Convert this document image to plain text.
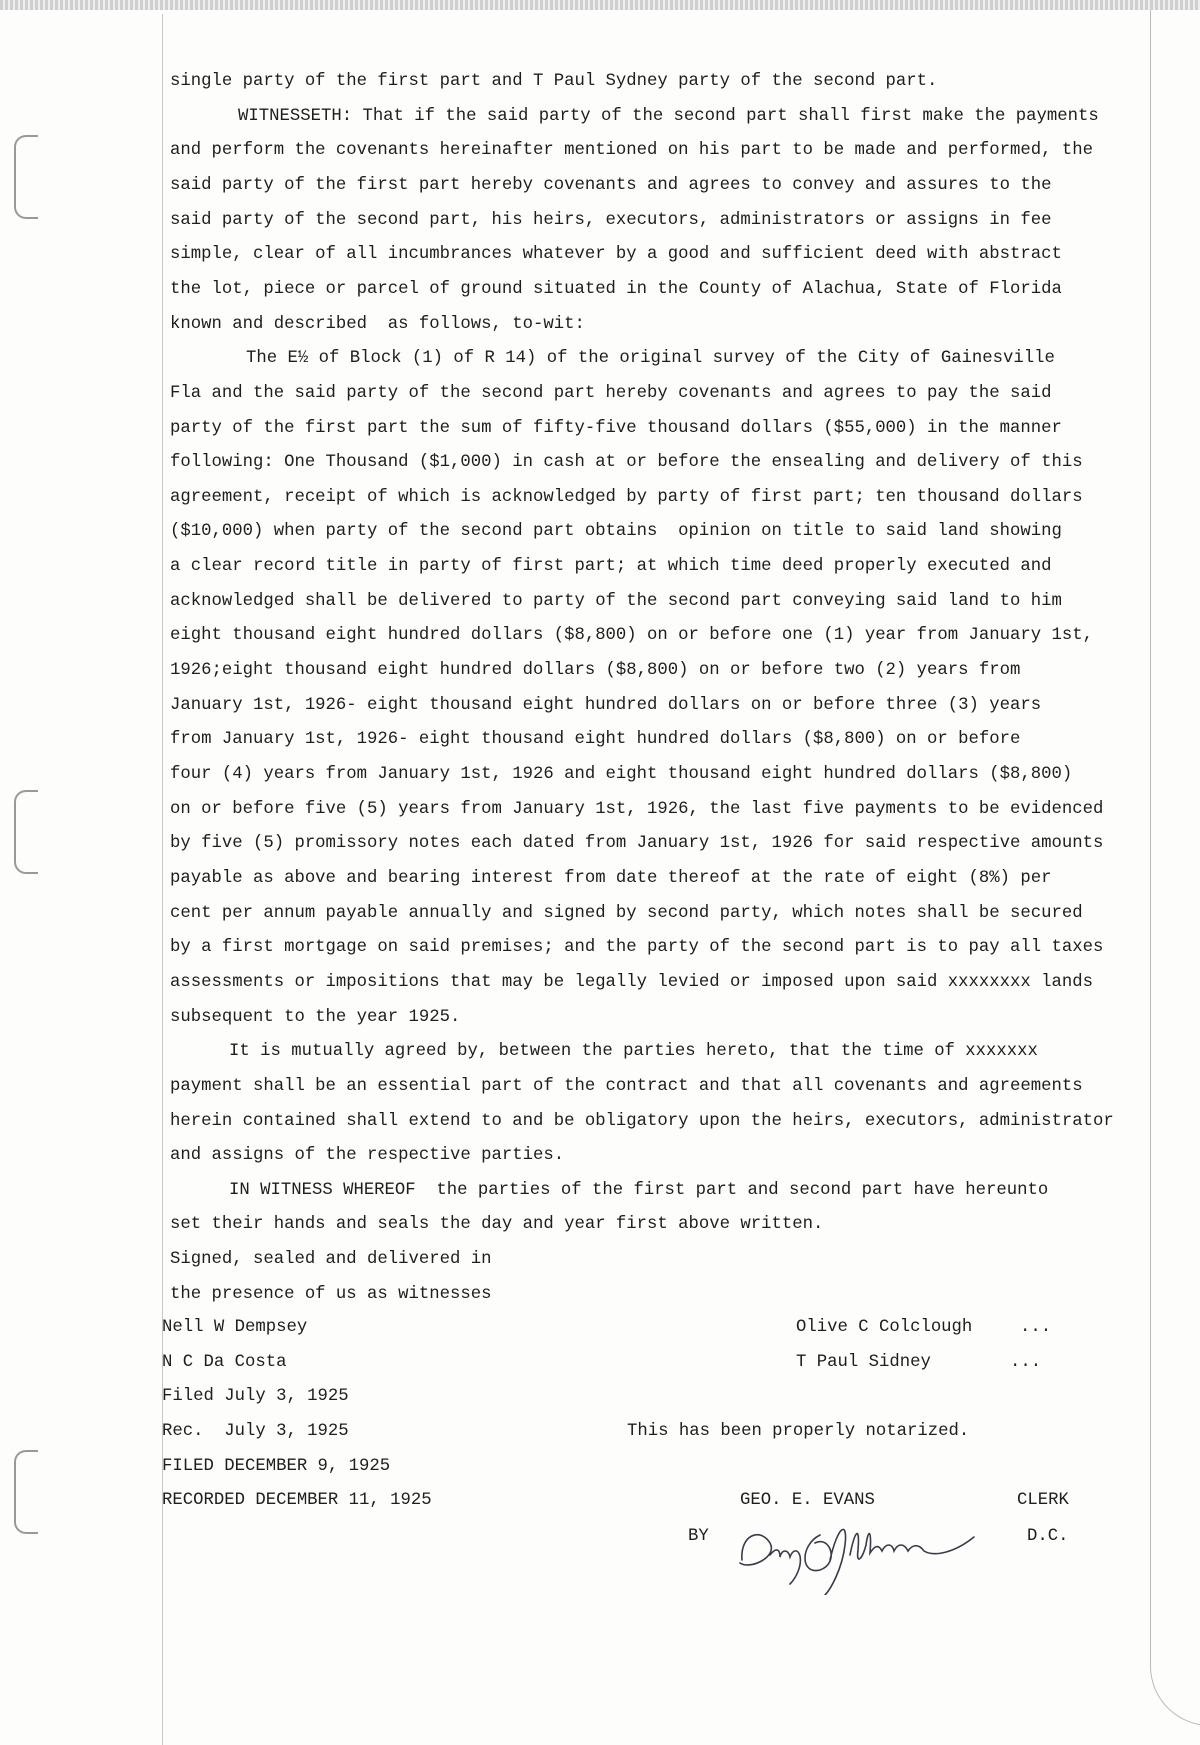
single party of the first part and T Paul Sydney party of the second part.
WITNESSETH: That if the said party of the second part shall first make the payments
and perform the covenants hereinafter mentioned on his part to be made and performed, the
said party of the first part hereby covenants and agrees to convey and assures to the
said party of the second part, his heirs, executors, administrators or assigns in fee
simple, clear of all incumbrances whatever by a good and sufficient deed with abstract
the lot, piece or parcel of ground situated in the County of Alachua, State of Florida
known and described  as follows, to-wit:
The E½ of Block (1) of R 14) of the original survey of the City of Gainesville
Fla and the said party of the second part hereby covenants and agrees to pay the said
party of the first part the sum of fifty-five thousand dollars ($55,000) in the manner
following: One Thousand ($1,000) in cash at or before the ensealing and delivery of this
agreement, receipt of which is acknowledged by party of first part; ten thousand dollars
($10,000) when party of the second part obtains  opinion on title to said land showing
a clear record title in party of first part; at which time deed properly executed and
acknowledged shall be delivered to party of the second part conveying said land to him
eight thousand eight hundred dollars ($8,800) on or before one (1) year from January 1st,
1926;eight thousand eight hundred dollars ($8,800) on or before two (2) years from
January 1st, 1926- eight thousand eight hundred dollars on or before three (3) years
from January 1st, 1926- eight thousand eight hundred dollars ($8,800) on or before
four (4) years from January 1st, 1926 and eight thousand eight hundred dollars ($8,800)
on or before five (5) years from January 1st, 1926, the last five payments to be evidenced
by five (5) promissory notes each dated from January 1st, 1926 for said respective amounts
payable as above and bearing interest from date thereof at the rate of eight (8%) per
cent per annum payable annually and signed by second party, which notes shall be secured
by a first mortgage on said premises; and the party of the second part is to pay all taxes
assessments or impositions that may be legally levied or imposed upon said xxxxxxxx lands
subsequent to the year 1925.
It is mutually agreed by, between the parties hereto, that the time of xxxxxxx
payment shall be an essential part of the contract and that all covenants and agreements
herein contained shall extend to and be obligatory upon the heirs, executors, administrator
and assigns of the respective parties.
IN WITNESS WHEREOF  the parties of the first part and second part have hereunto
set their hands and seals the day and year first above written.
Signed, sealed and delivered in
the presence of us as witnesses
Nell W Dempsey
N C Da Costa
Olive C Colclough	...
T Paul Sidney	...
Filed July 3, 1925
Rec.  July 3, 1925	This has been properly notarized.
FILED DECEMBER 9, 1925
RECORDED DECEMBER 11, 1925	GEO. E. EVANS	CLERK
BY	D.C.
